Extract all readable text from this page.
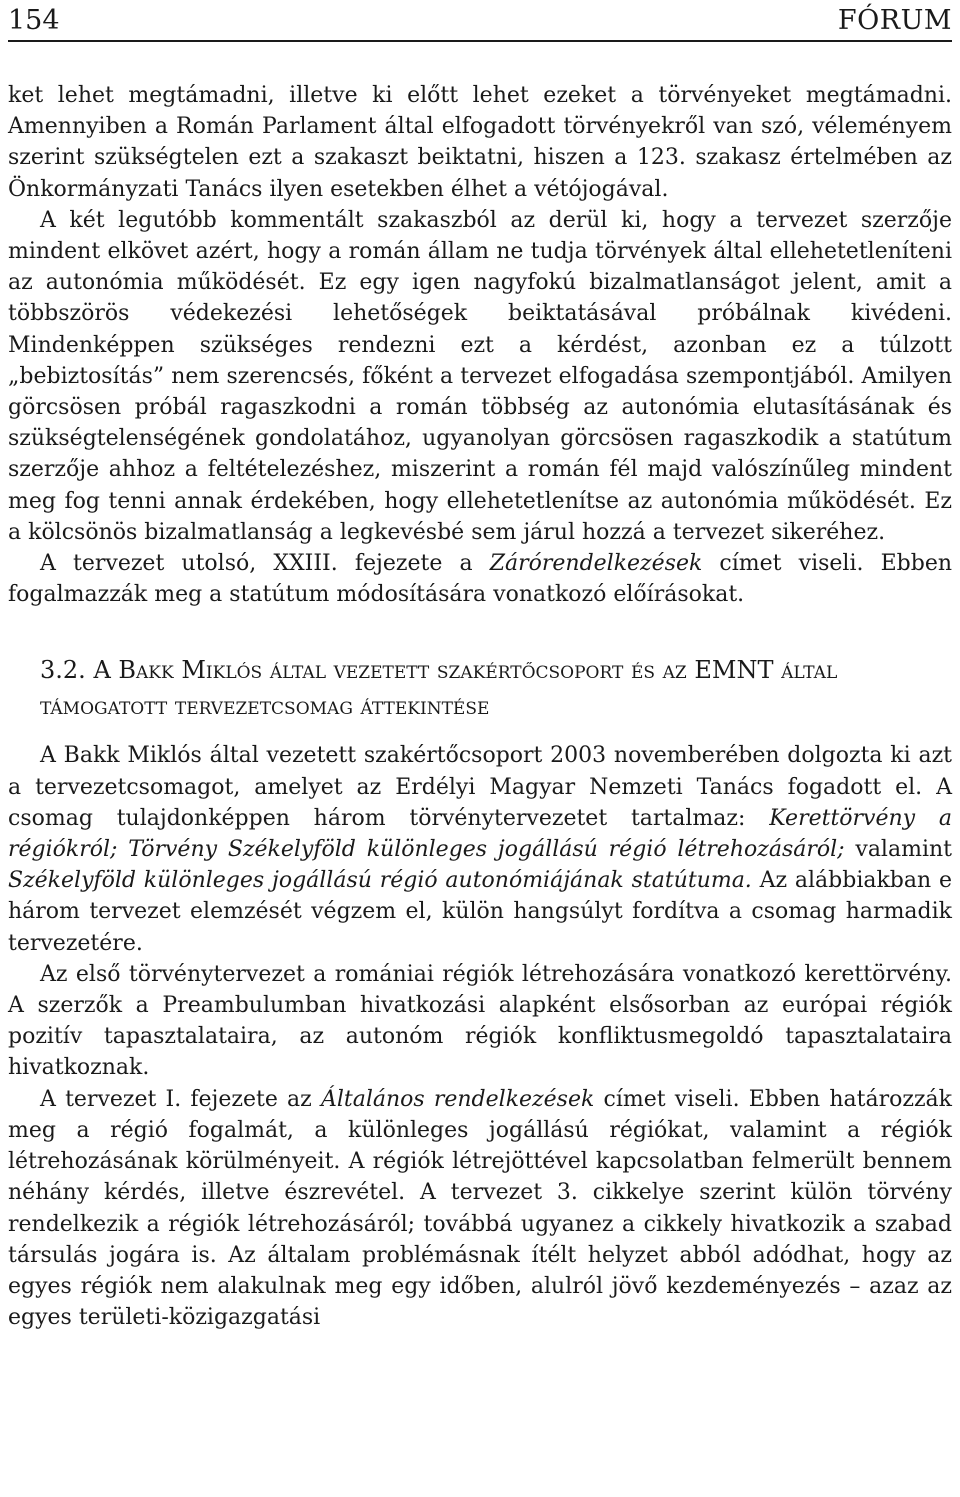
154	FÓRUM

ket lehet megtámadni, illetve ki előtt lehet ezeket a törvényeket megtámadni. Amennyiben a Román Parlament által elfogadott törvényekről van szó, véleményem szerint szükségtelen ezt a szakaszt beiktatni, hiszen a 123. szakasz értelmében az Önkormányzati Tanács ilyen esetekben élhet a vétójogával.

A két legutóbb kommentált szakaszból az derül ki, hogy a tervezet szerzője mindent elkövet azért, hogy a román állam ne tudja törvények által ellehetetleníteni az autonómia működését. Ez egy igen nagyfokú bizalmatlanságot jelent, amit a többszörös védekezési lehetőségek beiktatásával próbálnak kivédeni. Mindenképpen szükséges rendezni ezt a kérdést, azonban ez a túlzott „bebiztosítás” nem szerencsés, főként a tervezet elfogadása szempontjából. Amilyen görcsösen próbál ragaszkodni a román többség az autonómia elutasításának és szükségtelenségének gondolatához, ugyanolyan görcsösen ragaszkodik a statútum szerzője ahhoz a feltételezéshez, miszerint a román fél majd valószínűleg mindent meg fog tenni annak érdekében, hogy ellehetetlenítse az autonómia működését. Ez a kölcsönös bizalmatlanság a legkevésbé sem járul hozzá a tervezet sikeréhez.

A tervezet utolsó, XXIII. fejezete a Zárórendelkezések címet viseli. Ebben fogalmazzák meg a statútum módosítására vonatkozó előírásokat.

3.2. A Bakk Miklós által vezetett szakértőcsoport és az EMNT által támogatott tervezetcsomag áttekintése

A Bakk Miklós által vezetett szakértőcsoport 2003 novemberében dolgozta ki azt a tervezetcsomagot, amelyet az Erdélyi Magyar Nemzeti Tanács fogadott el. A csomag tulajdonképpen három törvénytervezetet tartalmaz: Kerettörvény a régiókról; Törvény Székelyföld különleges jogállású régió létrehozásáról; valamint Székelyföld különleges jogállású régió autonómiájának statútuma. Az alábbiakban e három tervezet elemzését végzem el, külön hangsúlyt fordítva a csomag harmadik tervezetére.

Az első törvénytervezet a romániai régiók létrehozására vonatkozó kerettörvény. A szerzők a Preambulumban hivatkozási alapként elsősorban az európai régiók pozitív tapasztalataira, az autonóm régiók konfliktusmegoldó tapasztalataira hivatkoznak.

A tervezet I. fejezete az Általános rendelkezések címet viseli. Ebben határozzák meg a régió fogalmát, a különleges jogállású régiókat, valamint a régiók létrehozásának körülményeit. A régiók létrejöttével kapcsolatban felmerült bennem néhány kérdés, illetve észrevétel. A tervezet 3. cikkelye szerint külön törvény rendelkezik a régiók létrehozásáról; továbbá ugyanez a cikkely hivatkozik a szabad társulás jogára is. Az általam problémásnak ítélt helyzet abból adódhat, hogy az egyes régiók nem alakulnak meg egy időben, alulról jövő kezdeményezés – azaz az egyes területi-közigazgatási
